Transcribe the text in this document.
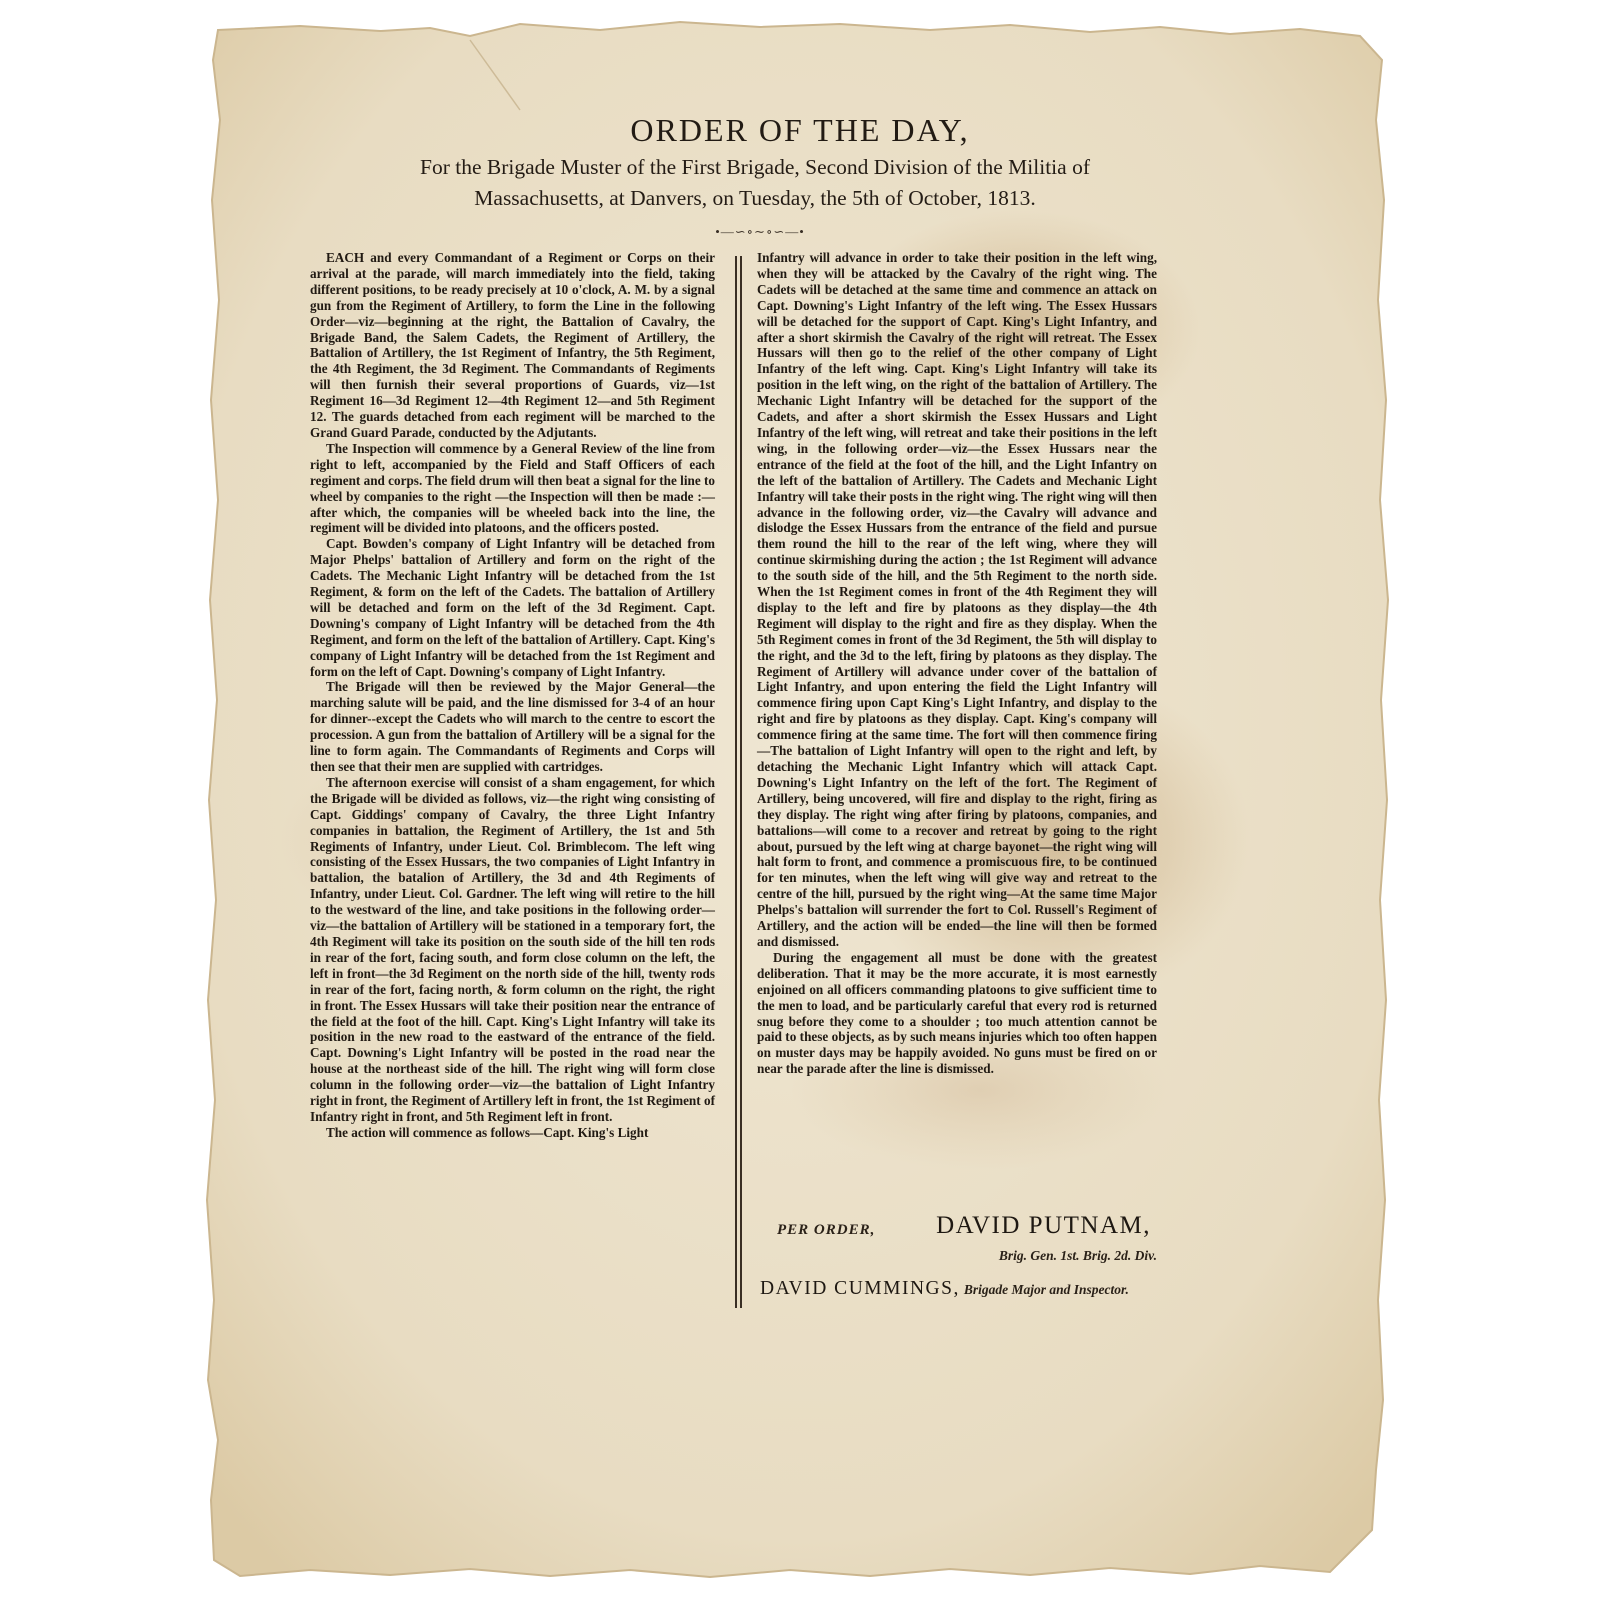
ORDER OF THE DAY,
For the Brigade Muster of the First Brigade, Second Division of the Militia of
Massachusetts, at Danvers, on Tuesday, the 5th of October, 1813.
•—∽∘∼∘∽—•

EACH and every Commandant of a Regiment or Corps on their arrival at the parade, will march immediately into the field, taking different positions, to be ready precisely at 10 o'clock, A. M. by a signal gun from the Regiment of Artillery, to form the Line in the following Order—viz—beginning at the right, the Battalion of Cavalry, the Brigade Band, the Salem Cadets, the Regiment of Artillery, the Battalion of Artillery, the 1st Regiment of Infantry, the 5th Regiment, the 4th Regiment, the 3d Regiment. The Commandants of Regiments will then furnish their several proportions of Guards, viz—1st Regiment 16—3d Regiment 12—4th Regiment 12—and 5th Regiment 12. The guards detached from each regiment will be marched to the Grand Guard Parade, conducted by the Adjutants.

The Inspection will commence by a General Review of the line from right to left, accompanied by the Field and Staff Officers of each regiment and corps. The field drum will then beat a signal for the line to wheel by companies to the right —the Inspection will then be made :—after which, the companies will be wheeled back into the line, the regiment will be divided into platoons, and the officers posted.

Capt. Bowden's company of Light Infantry will be detached from Major Phelps' battalion of Artillery and form on the right of the Cadets. The Mechanic Light Infantry will be detached from the 1st Regiment, & form on the left of the Cadets. The battalion of Artillery will be detached and form on the left of the 3d Regiment. Capt. Downing's company of Light Infantry will be detached from the 4th Regiment, and form on the left of the battalion of Artillery. Capt. King's company of Light Infantry will be detached from the 1st Regiment and form on the left of Capt. Downing's company of Light Infantry.

The Brigade will then be reviewed by the Major General—the marching salute will be paid, and the line dismissed for 3-4 of an hour for dinner--except the Cadets who will march to the centre to escort the procession. A gun from the battalion of Artillery will be a signal for the line to form again. The Commandants of Regiments and Corps will then see that their men are supplied with cartridges.

The afternoon exercise will consist of a sham engagement, for which the Brigade will be divided as follows, viz—the right wing consisting of Capt. Giddings' company of Cavalry, the three Light Infantry companies in battalion, the Regiment of Artillery, the 1st and 5th Regiments of Infantry, under Lieut. Col. Brimblecom. The left wing consisting of the Essex Hussars, the two companies of Light Infantry in battalion, the batalion of Artillery, the 3d and 4th Regiments of Infantry, under Lieut. Col. Gardner. The left wing will retire to the hill to the westward of the line, and take positions in the following order—viz—the battalion of Artillery will be stationed in a temporary fort, the 4th Regiment will take its position on the south side of the hill ten rods in rear of the fort, facing south, and form close column on the left, the left in front—the 3d Regiment on the north side of the hill, twenty rods in rear of the fort, facing north, & form column on the right, the right in front. The Essex Hussars will take their position near the entrance of the field at the foot of the hill. Capt. King's Light Infantry will take its position in the new road to the eastward of the entrance of the field. Capt. Downing's Light Infantry will be posted in the road near the house at the northeast side of the hill. The right wing will form close column in the following order—viz—the battalion of Light Infantry right in front, the Regiment of Artillery left in front, the 1st Regiment of Infantry right in front, and 5th Regiment left in front.

The action will commence as follows—Capt. King's Light

Infantry will advance in order to take their position in the left wing, when they will be attacked by the Cavalry of the right wing. The Cadets will be detached at the same time and commence an attack on Capt. Downing's Light Infantry of the left wing. The Essex Hussars will be detached for the support of Capt. King's Light Infantry, and after a short skirmish the Cavalry of the right will retreat. The Essex Hussars will then go to the relief of the other company of Light Infantry of the left wing. Capt. King's Light Infantry will take its position in the left wing, on the right of the battalion of Artillery. The Mechanic Light Infantry will be detached for the support of the Cadets, and after a short skirmish the Essex Hussars and Light Infantry of the left wing, will retreat and take their positions in the left wing, in the following order—viz—the Essex Hussars near the entrance of the field at the foot of the hill, and the Light Infantry on the left of the battalion of Artillery. The Cadets and Mechanic Light Infantry will take their posts in the right wing. The right wing will then advance in the following order, viz—the Cavalry will advance and dislodge the Essex Hussars from the entrance of the field and pursue them round the hill to the rear of the left wing, where they will continue skirmishing during the action ; the 1st Regiment will advance to the south side of the hill, and the 5th Regiment to the north side. When the 1st Regiment comes in front of the 4th Regiment they will display to the left and fire by platoons as they display—the 4th Regiment will display to the right and fire as they display. When the 5th Regiment comes in front of the 3d Regiment, the 5th will display to the right, and the 3d to the left, firing by platoons as they display. The Regiment of Artillery will advance under cover of the battalion of Light Infantry, and upon entering the field the Light Infantry will commence firing upon Capt King's Light Infantry, and display to the right and fire by platoons as they display. Capt. King's company will commence firing at the same time. The fort will then commence firing—The battalion of Light Infantry will open to the right and left, by detaching the Mechanic Light Infantry which will attack Capt. Downing's Light Infantry on the left of the fort. The Regiment of Artillery, being uncovered, will fire and display to the right, firing as they display. The right wing after firing by platoons, companies, and battalions—will come to a recover and retreat by going to the right about, pursued by the left wing at charge bayonet—the right wing will halt form to front, and commence a promiscuous fire, to be continued for ten minutes, when the left wing will give way and retreat to the centre of the hill, pursued by the right wing—At the same time Major Phelps's battalion will surrender the fort to Col. Russell's Regiment of Artillery, and the action will be ended—the line will then be formed and dismissed.

During the engagement all must be done with the greatest deliberation. That it may be the more accurate, it is most earnestly enjoined on all officers commanding platoons to give sufficient time to the men to load, and be particularly careful that every rod is returned snug before they come to a shoulder ; too much attention cannot be paid to these objects, as by such means injuries which too often happen on muster days may be happily avoided. No guns must be fired on or near the parade after the line is dismissed.

PER ORDER, DAVID PUTNAM,
Brig. Gen. 1st. Brig. 2d. Div.
DAVID CUMMINGS, Brigade Major and Inspector.
